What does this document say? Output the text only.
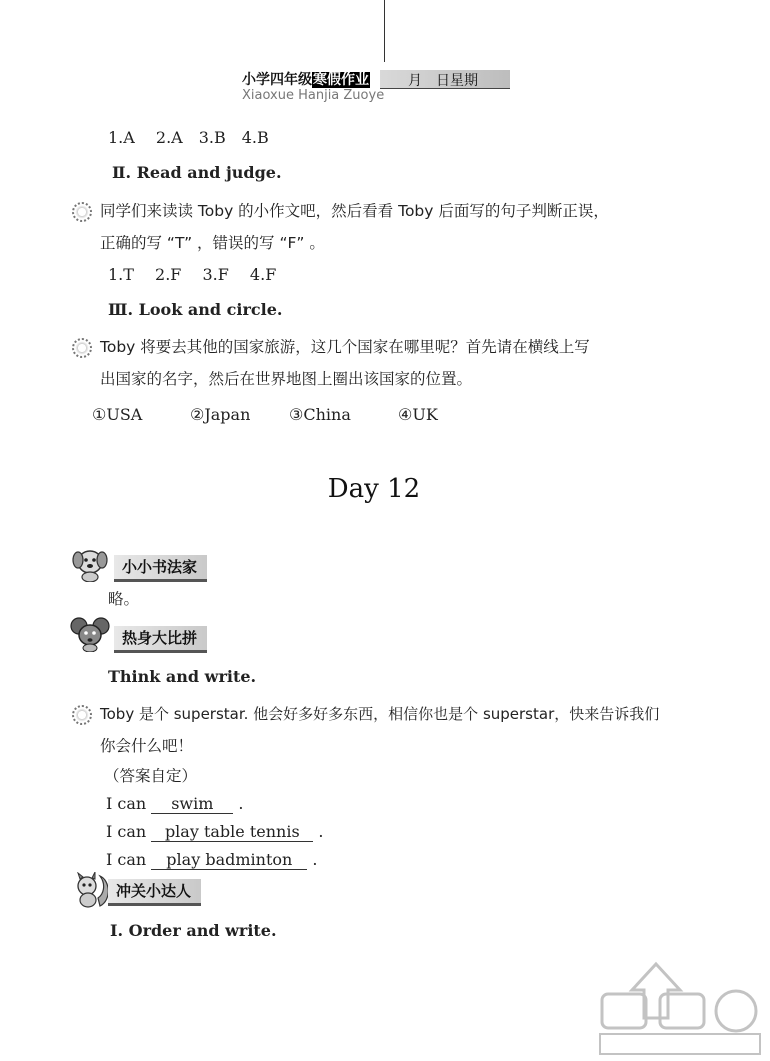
小学四年级寒假作业	月　日星期
Xiaoxue Hanjia Zuoye
1.A　 2.A　3.B　4.B
Ⅱ. Read and judge.
同学们来读读 Toby 的小作文吧，然后看看 Toby 后面写的句子判断正误，
正确的写 “T” ，错误的写 “F” 。
1.T　 2.F　 3.F　 4.F
Ⅲ. Look and circle.
Toby 将要去其他的国家旅游，这几个国家在哪里呢？首先请在横线上写
出国家的名字，然后在世界地图上圈出该国家的位置。
①USA	②Japan ③China	④UK
Day 12
小小书法家
略。
热身大比拼
Think and write.
Toby 是个 superstar. 他会好多好多东西，相信你也是个 superstar，快来告诉我们
你会什么吧！
（答案自定）
I can swim .
I can play table tennis .
I can play badminton .
冲关小达人
Ⅰ. Order and write.
